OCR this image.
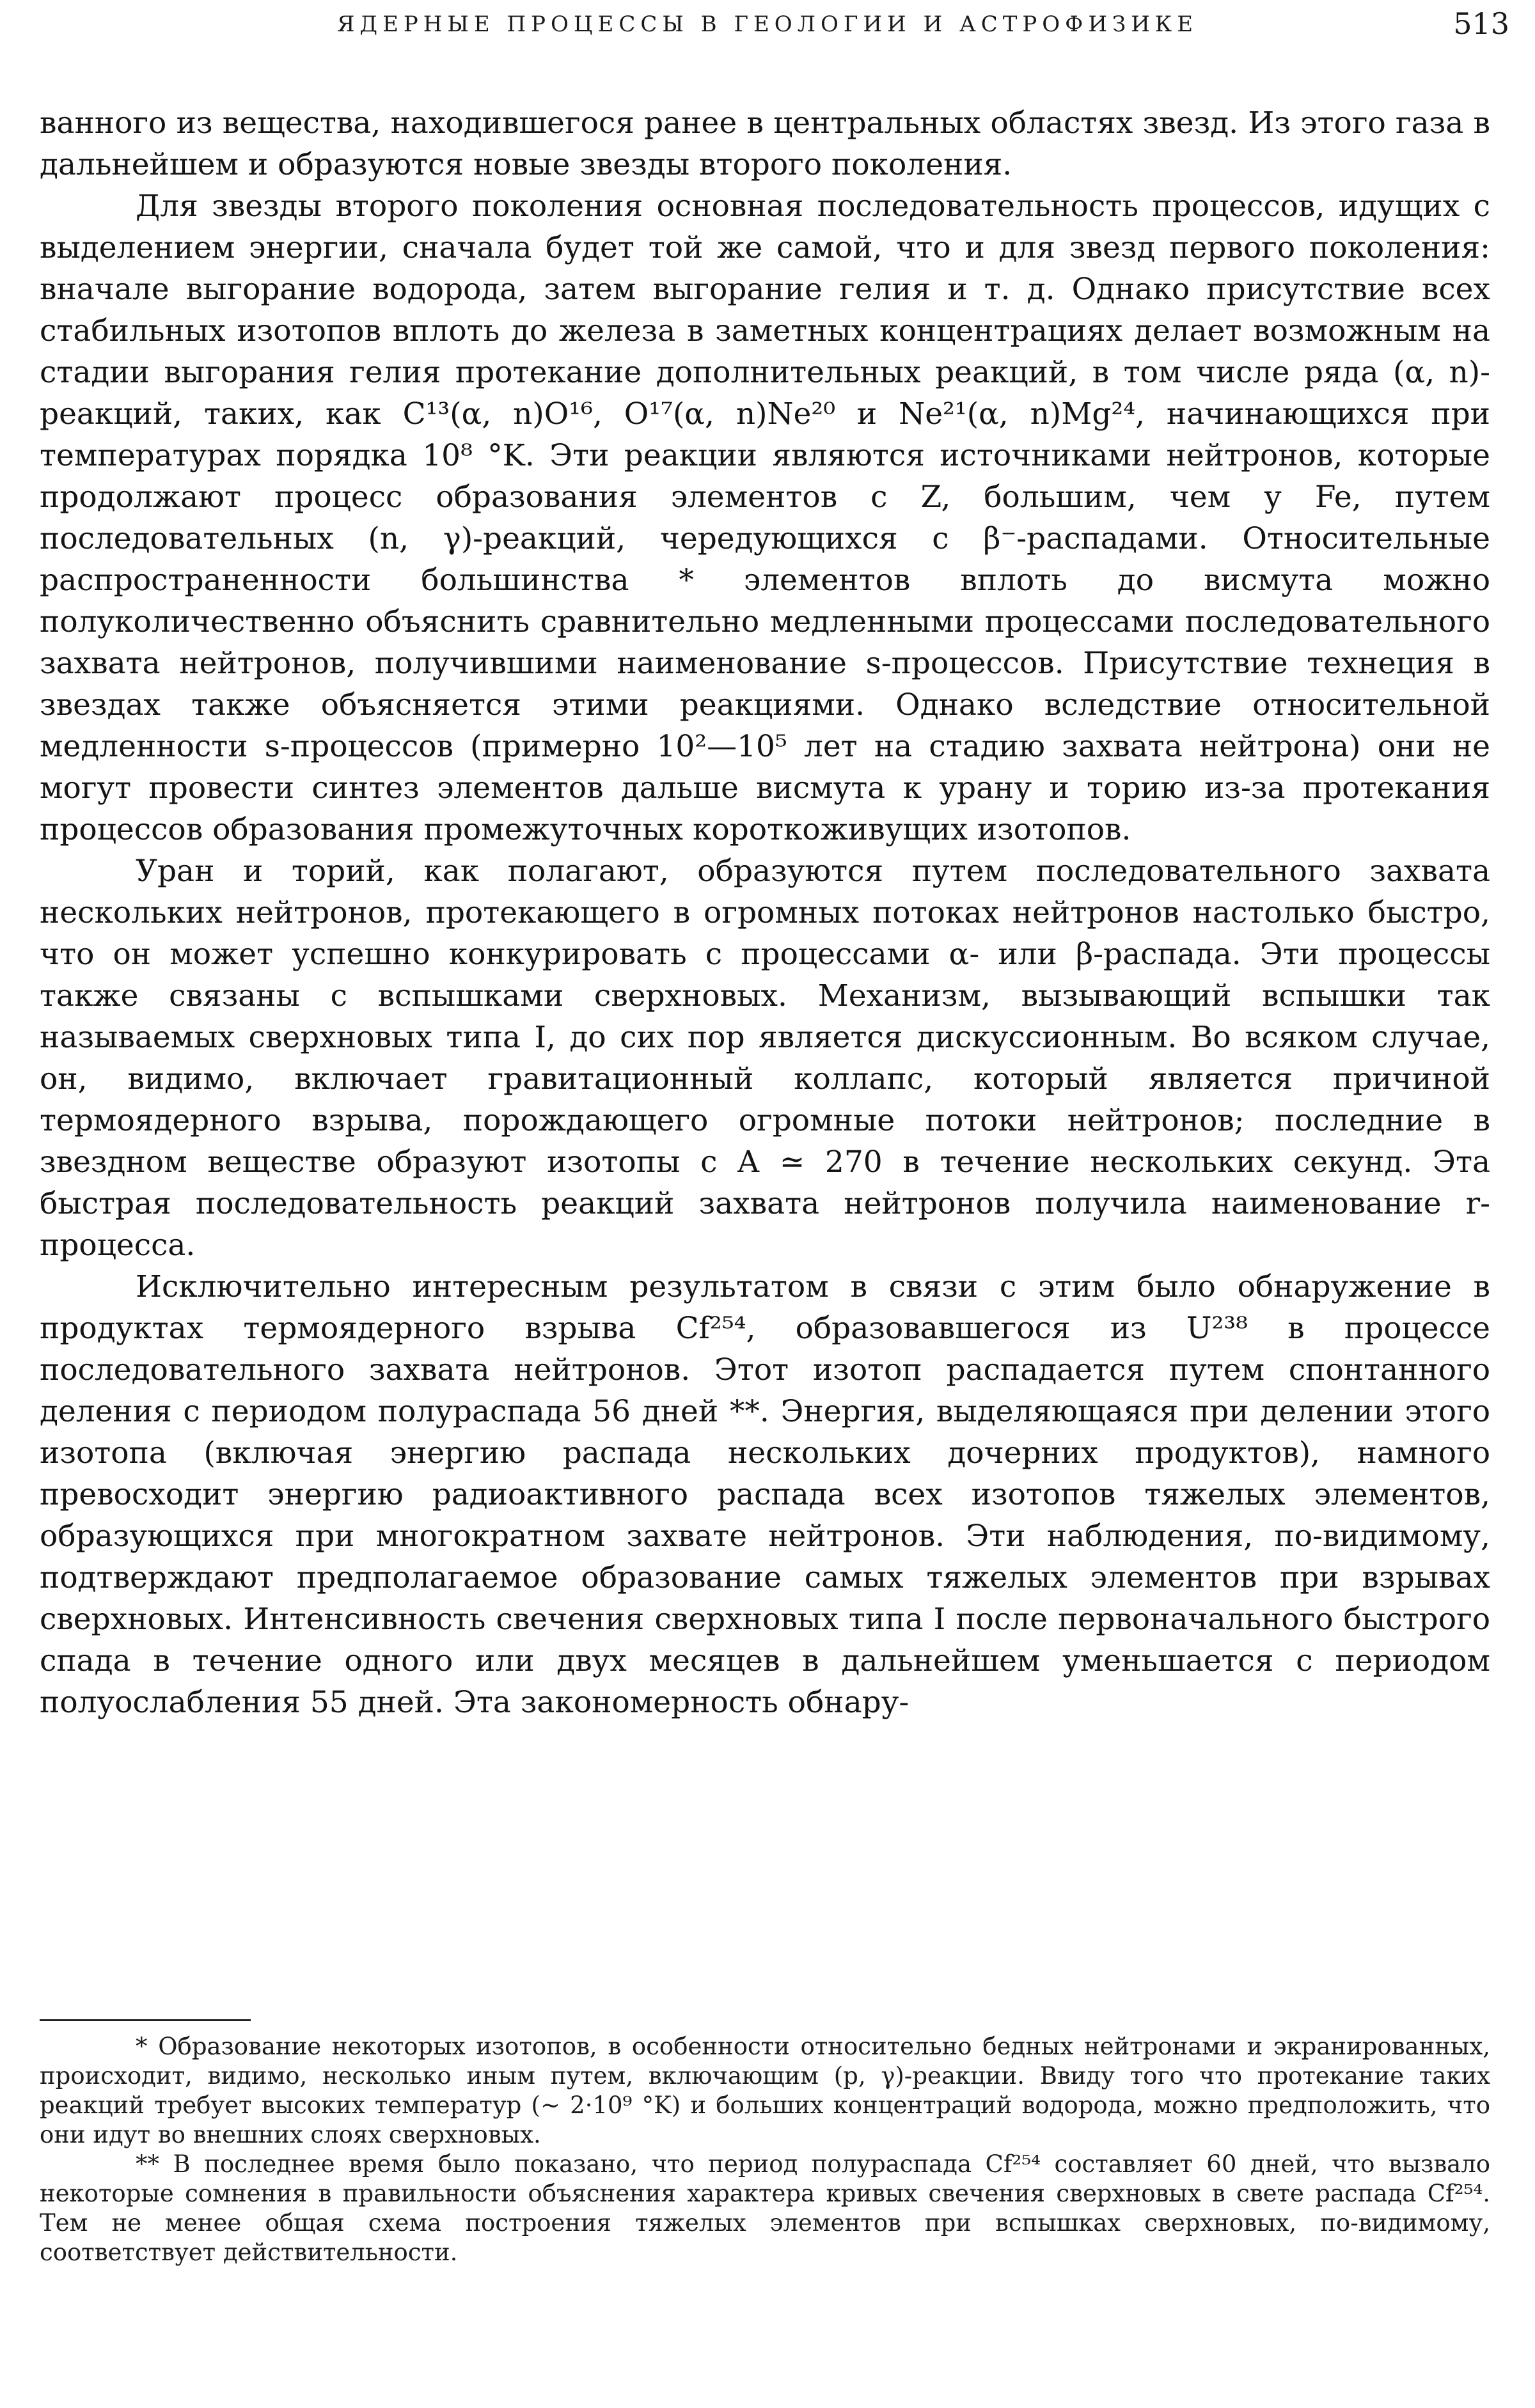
ЯДЕРНЫЕ ПРОЦЕССЫ В ГЕОЛОГИИ И АСТРОФИЗИКЕ	513

ванного из вещества, находившегося ранее в центральных областях звезд. Из этого газа в дальнейшем и образуются новые звезды второго поколения.

Для звезды второго поколения основная последовательность процессов, идущих с выделением энергии, сначала будет той же самой, что и для звезд первого поколения: вначале выгорание водорода, затем выгорание гелия и т. д. Однако присутствие всех стабильных изотопов вплоть до железа в заметных концентрациях делает возможным на стадии выгорания гелия протекание дополнительных реакций, в том числе ряда (α, n)-реакций, таких, как C¹³(α, n)O¹⁶, O¹⁷(α, n)Ne²⁰ и Ne²¹(α, n)Mg²⁴, начинающихся при температурах порядка 10⁸ °K. Эти реакции являются источниками нейтронов, которые продолжают процесс образования элементов с Z, большим, чем у Fe, путем последовательных (n, γ)-реакций, чередующихся с β⁻-распадами. Относительные распространенности большинства * элементов вплоть до висмута можно полуколичественно объяснить сравнительно медленными процессами последовательного захвата нейтронов, получившими наименование s-процессов. Присутствие технеция в звездах также объясняется этими реакциями. Однако вследствие относительной медленности s-процессов (примерно 10²—10⁵ лет на стадию захвата нейтрона) они не могут провести синтез элементов дальше висмута к урану и торию из-за протекания процессов образования промежуточных короткоживущих изотопов.

Уран и торий, как полагают, образуются путем последовательного захвата нескольких нейтронов, протекающего в огромных потоках нейтронов настолько быстро, что он может успешно конкурировать с процессами α- или β-распада. Эти процессы также связаны с вспышками сверхновых. Механизм, вызывающий вспышки так называемых сверхновых типа I, до сих пор является дискуссионным. Во всяком случае, он, видимо, включает гравитационный коллапс, который является причиной термоядерного взрыва, порождающего огромные потоки нейтронов; последние в звездном веществе образуют изотопы с A ≃ 270 в течение нескольких секунд. Эта быстрая последовательность реакций захвата нейтронов получила наименование r-процесса.

Исключительно интересным результатом в связи с этим было обнаружение в продуктах термоядерного взрыва Cf²⁵⁴, образовавшегося из U²³⁸ в процессе последовательного захвата нейтронов. Этот изотоп распадается путем спонтанного деления с периодом полураспада 56 дней **. Энергия, выделяющаяся при делении этого изотопа (включая энергию распада нескольких дочерних продуктов), намного превосходит энергию радиоактивного распада всех изотопов тяжелых элементов, образующихся при многократном захвате нейтронов. Эти наблюдения, по-видимому, подтверждают предполагаемое образование самых тяжелых элементов при взрывах сверхновых. Интенсивность свечения сверхновых типа I после первоначального быстрого спада в течение одного или двух месяцев в дальнейшем уменьшается с периодом полуослабления 55 дней. Эта закономерность обнару-

* Образование некоторых изотопов, в особенности относительно бедных нейтронами и экранированных, происходит, видимо, несколько иным путем, включающим (p, γ)-реакции. Ввиду того что протекание таких реакций требует высоких температур (~ 2·10⁹ °K) и больших концентраций водорода, можно предположить, что они идут во внешних слоях сверхновых.

** В последнее время было показано, что период полураспада Cf²⁵⁴ составляет 60 дней, что вызвало некоторые сомнения в правильности объяснения характера кривых свечения сверхновых в свете распада Cf²⁵⁴. Тем не менее общая схема построения тяжелых элементов при вспышках сверхновых, по-видимому, соответствует действительности.
